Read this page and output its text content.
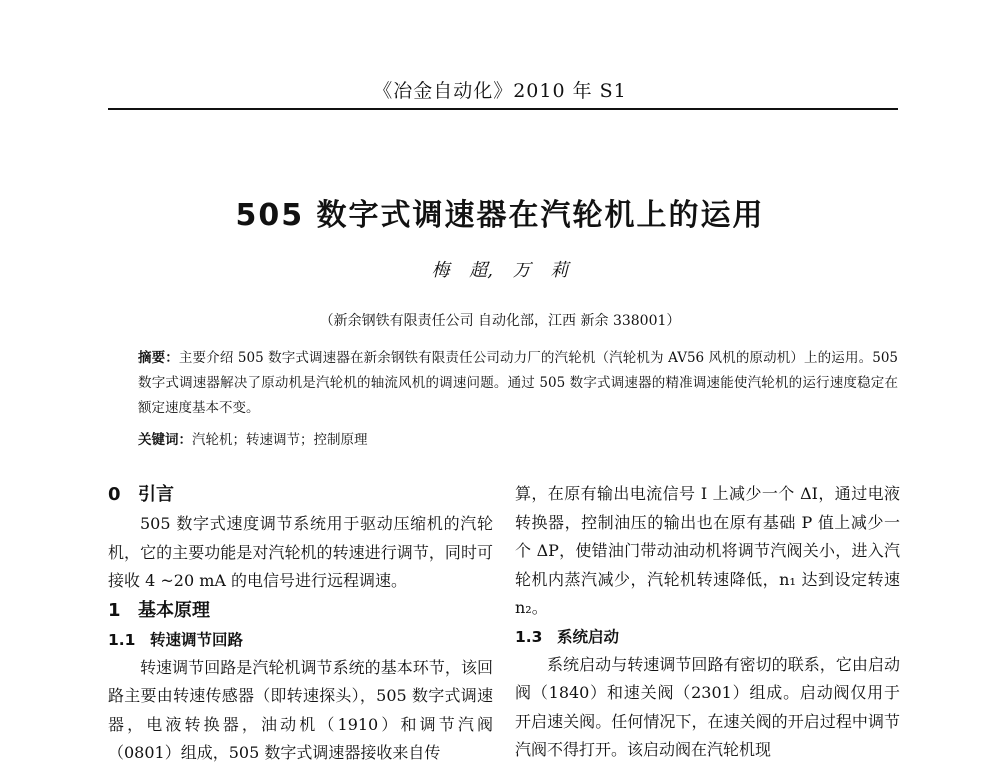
《冶金自动化》2010 年 S1
505 数字式调速器在汽轮机上的运用
梅 超, 万 莉
（新余钢铁有限责任公司 自动化部，江西 新余 338001）
摘要：主要介绍 505 数字式调速器在新余钢铁有限责任公司动力厂的汽轮机（汽轮机为 AV56 风机的原动机）上的运用。505 数字式调速器解决了原动机是汽轮机的轴流风机的调速问题。通过 505 数字式调速器的精准调速能使汽轮机的运行速度稳定在额定速度基本不变。
关键词：汽轮机；转速调节；控制原理
0 引言

505 数字式速度调节系统用于驱动压缩机的汽轮机，它的主要功能是对汽轮机的转速进行调节，同时可接收 4 ~20 mA 的电信号进行远程调速。

1 基本原理
1.1 转速调节回路

转速调节回路是汽轮机调节系统的基本环节，该回路主要由转速传感器（即转速探头），505 数字式调速器，电液转换器，油动机（1910）和调节汽阀（0801）组成，505 数字式调速器接收来自传

算，在原有输出电流信号 I 上减少一个 ΔI，通过电液转换器，控制油压的输出也在原有基础 P 值上减少一个 ΔP，使错油门带动油动机将调节汽阀关小，进入汽轮机内蒸汽减少，汽轮机转速降低，n₁ 达到设定转速 n₂。

1.3 系统启动

系统启动与转速调节回路有密切的联系，它由启动阀（1840）和速关阀（2301）组成。启动阀仅用于开启速关阀。任何情况下，在速关阀的开启过程中调节汽阀不得打开。该启动阀在汽轮机现
